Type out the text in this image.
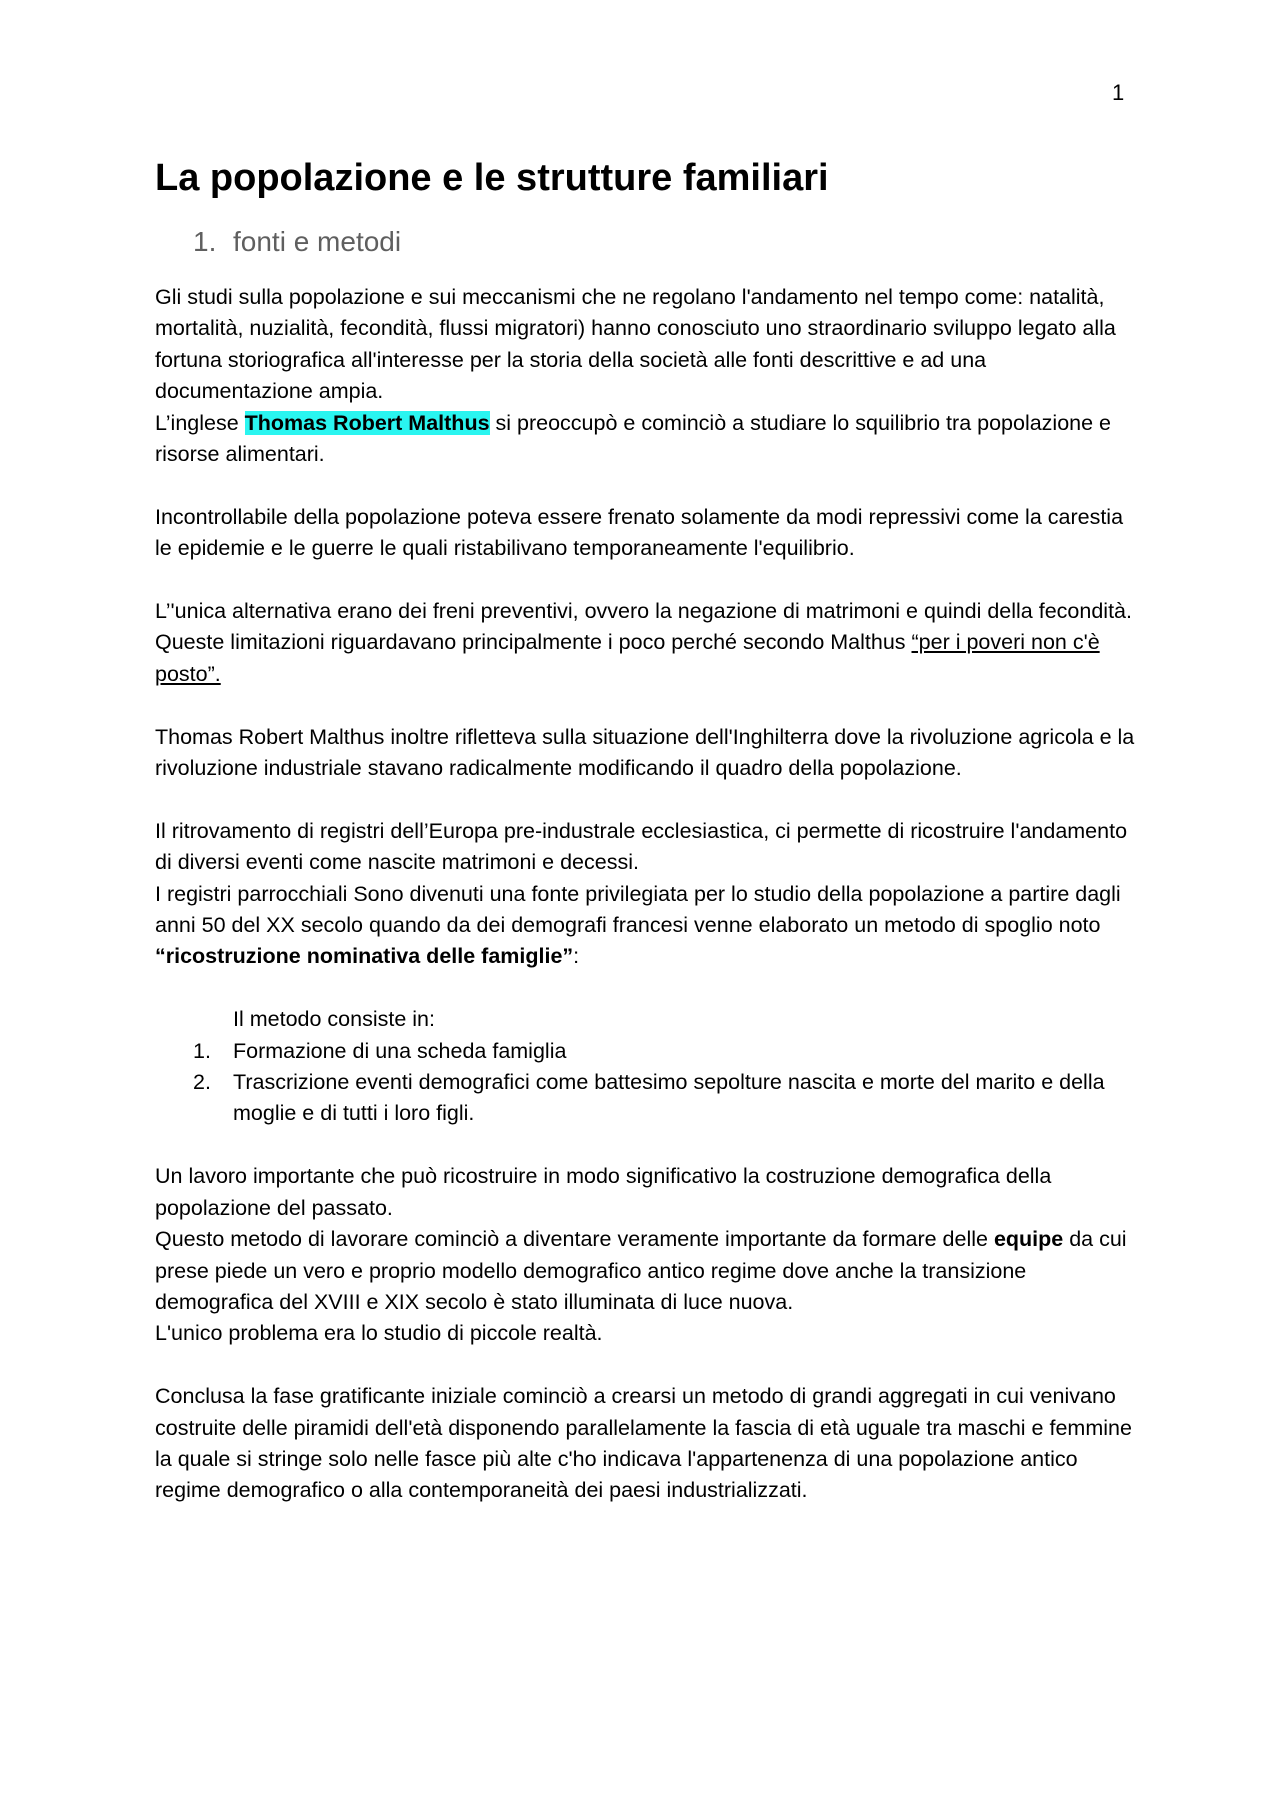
1
La popolazione e le strutture familiari
1. fonti e metodi

Gli studi sulla popolazione e sui meccanismi che ne regolano l'andamento nel tempo come: natalità, mortalità, nuzialità, fecondità, flussi migratori) hanno conosciuto uno straordinario sviluppo legato alla fortuna storiografica all'interesse per la storia della società alle fonti descrittive e ad una documentazione ampia.

L’inglese Thomas Robert Malthus si preoccupò e cominciò a studiare lo squilibrio tra popolazione e risorse alimentari.

Incontrollabile della popolazione poteva essere frenato solamente da modi repressivi come la carestia le epidemie e le guerre le quali ristabilivano temporaneamente l'equilibrio.

L’'unica alternativa erano dei freni preventivi, ovvero la negazione di matrimoni e quindi della fecondità. Queste limitazioni riguardavano principalmente i poco perché secondo Malthus “per i poveri non c'è posto”.

Thomas Robert Malthus inoltre rifletteva sulla situazione dell'Inghilterra dove la rivoluzione agricola e la rivoluzione industriale stavano radicalmente modificando il quadro della popolazione.

Il ritrovamento di registri dell’Europa pre-industrale ecclesiastica, ci permette di ricostruire l'andamento di diversi eventi come nascite matrimoni e decessi.

I registri parrocchiali Sono divenuti una fonte privilegiata per lo studio della popolazione a partire dagli anni 50 del XX secolo quando da dei demografi francesi venne elaborato un metodo di spoglio noto “ricostruzione nominativa delle famiglie”:

Il metodo consiste in:

1.	Formazione di una scheda famiglia
2.	Trascrizione eventi demografici come battesimo sepolture nascita e morte del marito e della moglie e di tutti i loro figli.

Un lavoro importante che può ricostruire in modo significativo la costruzione demografica della popolazione del passato.

Questo metodo di lavorare cominciò a diventare veramente importante da formare delle equipe da cui prese piede un vero e proprio modello demografico antico regime dove anche la transizione demografica del XVIII e XIX secolo è stato illuminata di luce nuova.

L'unico problema era lo studio di piccole realtà.

Conclusa la fase gratificante iniziale cominciò a crearsi un metodo di grandi aggregati in cui venivano costruite delle piramidi dell'età disponendo parallelamente la fascia di età uguale tra maschi e femmine la quale si stringe solo nelle fasce più alte c'ho indicava l'appartenenza di una popolazione antico regime demografico o alla contemporaneità dei paesi industrializzati.
